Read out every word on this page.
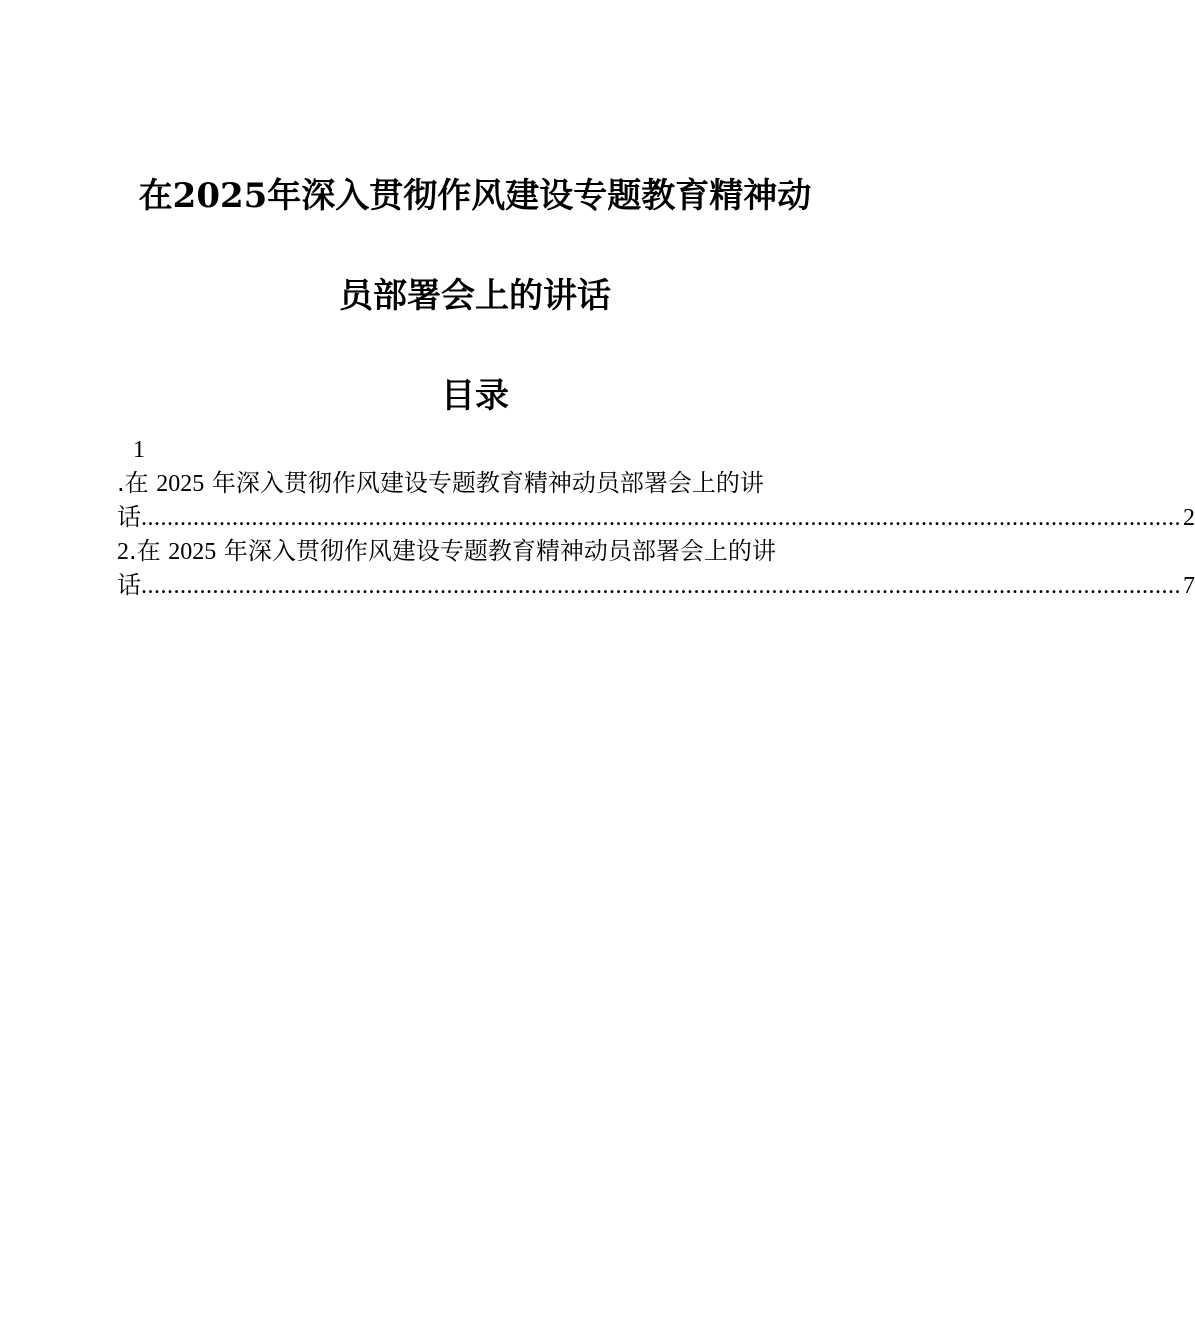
在2025年深入贯彻作风建设专题教育精神动
员部署会上的讲话
目录
1
.在 2025 年深入贯彻作风建设专题教育精神动员部署会上的讲
话 ................................................................................................................................................................ 2
2.在 2025 年深入贯彻作风建设专题教育精神动员部署会上的讲
话 ................................................................................................................................................................ 7
